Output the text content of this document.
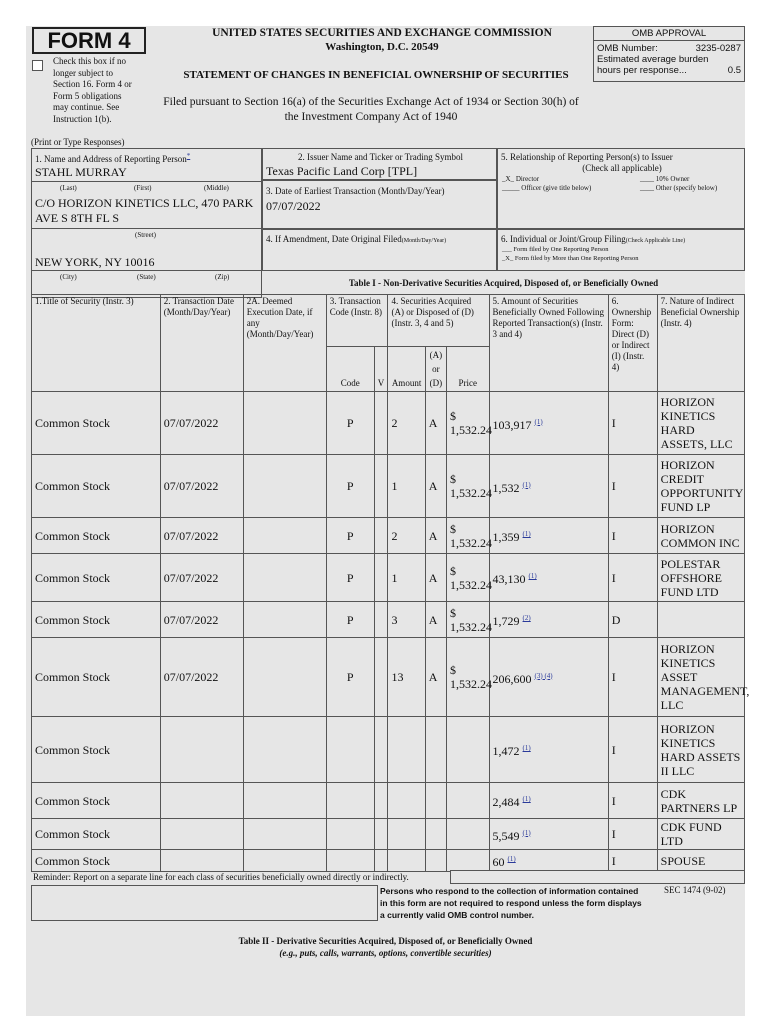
FORM 4
Check this box if no
longer subject to
Section 16. Form 4 or
Form 5 obligations
may continue. See
Instruction 1(b).
UNITED STATES SECURITIES AND EXCHANGE COMMISSION
Washington, D.C. 20549
STATEMENT OF CHANGES IN BENEFICIAL OWNERSHIP OF SECURITIES
Filed pursuant to Section 16(a) of the Securities Exchange Act of 1934 or Section 30(h) of
the Investment Company Act of 1940
OMB APPROVAL
OMB Number:	3235-0287
Estimated average burden
hours per response...	0.5
(Print or Type Responses)
1. Name and Address of Reporting Person*
STAHL MURRAY
(Last)	(First)	(Middle)
C/O HORIZON KINETICS LLC, 470 PARK
AVE S 8TH FL S
(Street)
NEW YORK, NY 10016
(City)	(State)	(Zip)
2. Issuer Name and Ticker or Trading Symbol
Texas Pacific Land Corp [TPL]
3. Date of Earliest Transaction (Month/Day/Year)
07/07/2022
4. If Amendment, Date Original Filed(Month/Day/Year)
5. Relationship of Reporting Person(s) to Issuer
(Check all applicable)
_X_ Director	____ 10% Owner
_____ Officer (give title below)	____ Other (specify below)
6. Individual or Joint/Group Filing(Check Applicable Line)
___ Form filed by One Reporting Person
_X_ Form filed by More than One Reporting Person
Table I - Non-Derivative Securities Acquired, Disposed of, or Beneficially Owned
1.Title of Security (Instr. 3)	2. Transaction Date (Month/Day/Year)	2A. Deemed Execution Date, if any (Month/Day/Year)	3. Transaction Code (Instr. 8)		4. Securities Acquired (A) or Disposed of (D) (Instr. 3, 4 and 5)			5. Amount of Securities Beneficially Owned Following Reported Transaction(s) (Instr. 3 and 4)	6. Ownership Form: Direct (D) or Indirect (I) (Instr. 4)	7. Nature of Indirect Beneficial Ownership (Instr. 4)
			Code	V	Amount	(A) or (D)	Price			
Common Stock	07/07/2022		P		2	A	$ 1,532.24	103,917 $^{(1)}$	I	HORIZON KINETICS HARD ASSETS, LLC
Common Stock	07/07/2022		P		1	A	$ 1,532.24	1,532 $^{(1)}$	I	HORIZON CREDIT OPPORTUNITY FUND LP
Common Stock	07/07/2022		P		2	A	$ 1,532.24	1,359 $^{(1)}$	I	HORIZON COMMON INC
Common Stock	07/07/2022		P		1	A	$ 1,532.24	43,130 $^{(1)}$	I	POLESTAR OFFSHORE FUND LTD
Common Stock	07/07/2022		P		3	A	$ 1,532.24	1,729 $^{(2)}$	D	
Common Stock	07/07/2022		P		13	A	$ 1,532.24	206,600 $^{(3) (4)}$	I	HORIZON KINETICS ASSET MANAGEMENT, LLC
Common Stock								1,472 $^{(1)}$	I	HORIZON KINETICS HARD ASSETS II LLC
Common Stock								2,484 $^{(1)}$	I	CDK PARTNERS LP
Common Stock								5,549 $^{(1)}$	I	CDK FUND LTD
Common Stock								60 $^{(1)}$	I	SPOUSE
Reminder: Report on a separate line for each class of securities beneficially owned directly or indirectly.
Persons who respond to the collection of information contained in this form are not required to respond unless the form displays a currently valid OMB control number.
SEC 1474 (9-02)
Table II - Derivative Securities Acquired, Disposed of, or Beneficially Owned
(e.g., puts, calls, warrants, options, convertible securities)
